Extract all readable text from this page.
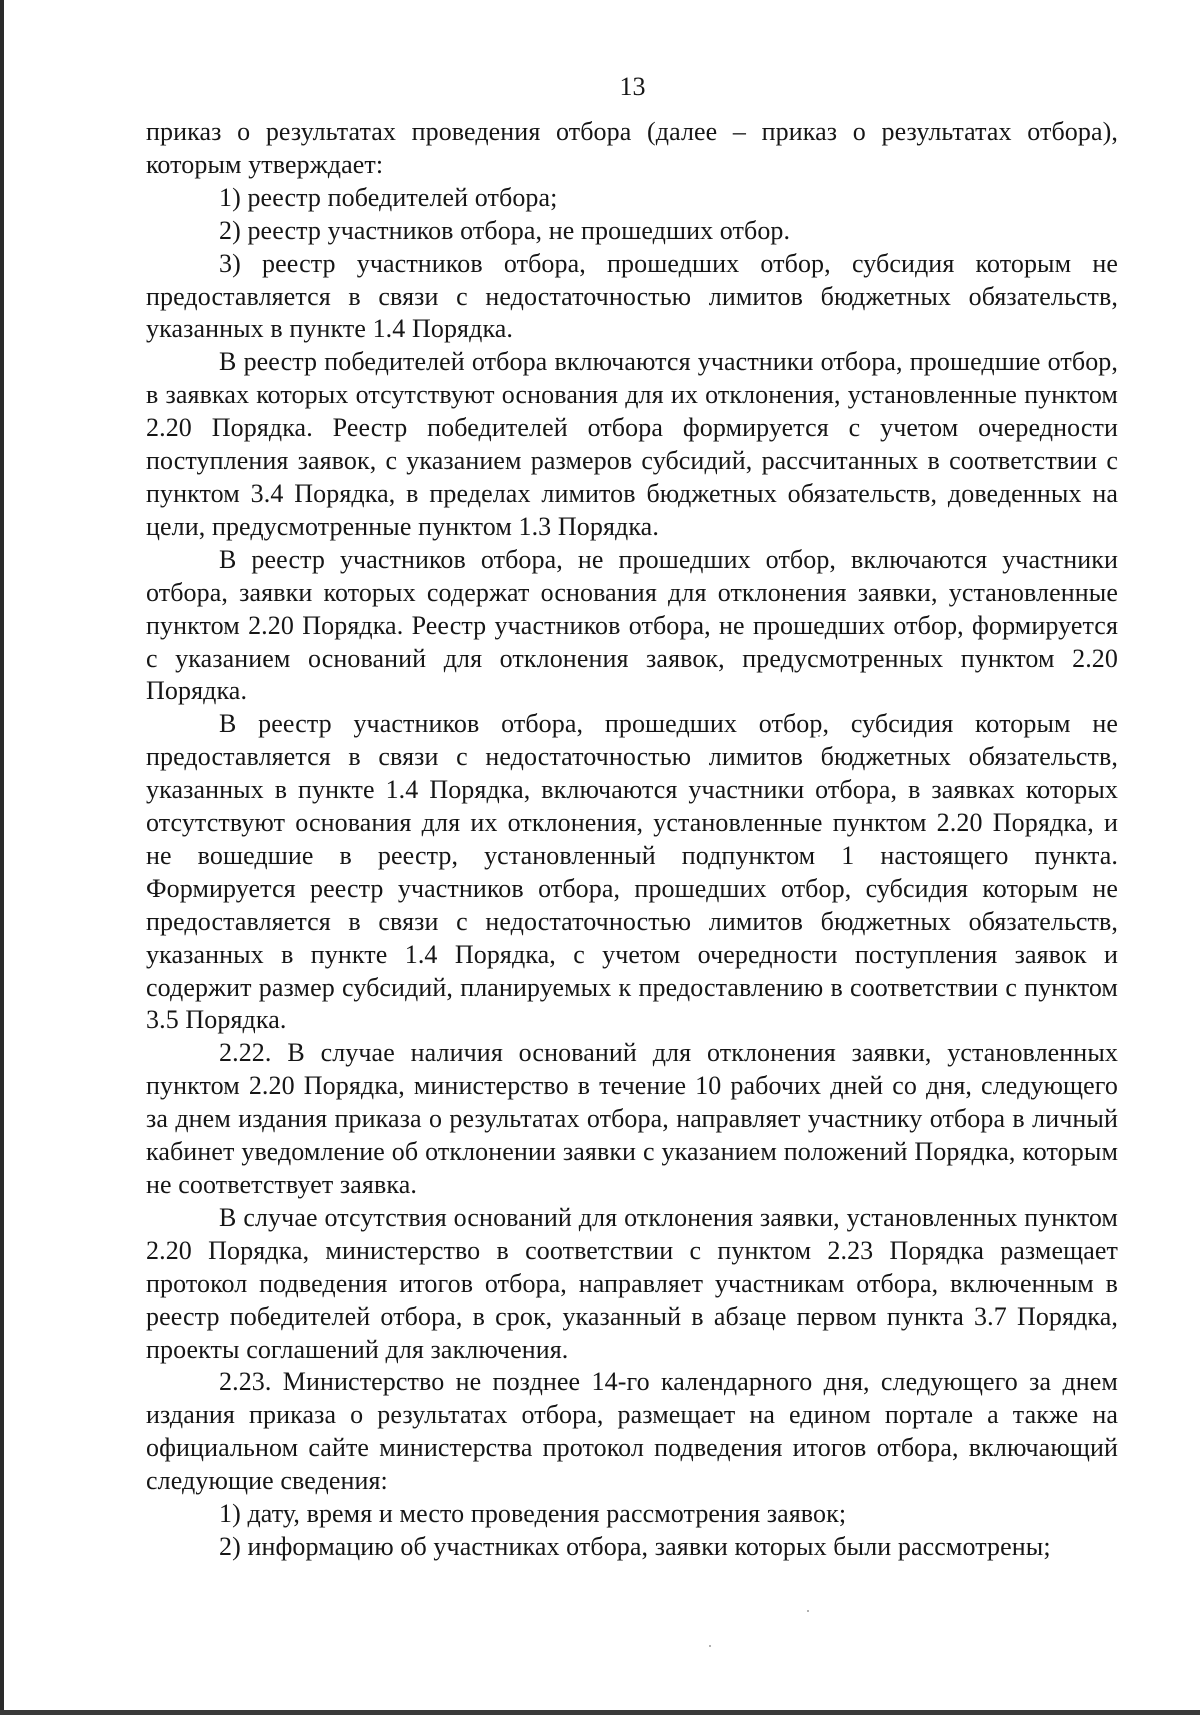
13

приказ о результатах проведения отбора (далее – приказ о результатах отбора), которым утверждает:

1) реестр победителей отбора;

2) реестр участников отбора, не прошедших отбор.

3) реестр участников отбора, прошедших отбор, субсидия которым не предоставляется в связи с недостаточностью лимитов бюджетных обязательств, указанных в пункте 1.4 Порядка.

В реестр победителей отбора включаются участники отбора, прошедшие отбор, в заявках которых отсутствуют основания для их отклонения, установленные пунктом 2.20 Порядка. Реестр победителей отбора формируется с учетом очередности поступления заявок, с указанием размеров субсидий, рассчитанных в соответствии с пунктом 3.4 Порядка, в пределах лимитов бюджетных обязательств, доведенных на цели, предусмотренные пунктом 1.3 Порядка.

В реестр участников отбора, не прошедших отбор, включаются участники отбора, заявки которых содержат основания для отклонения заявки, установленные пунктом 2.20 Порядка. Реестр участников отбора, не прошедших отбор, формируется с указанием оснований для отклонения заявок, предусмотренных пунктом 2.20 Порядка.

В реестр участников отбора, прошедших отбор, субсидия которым не предоставляется в связи с недостаточностью лимитов бюджетных обязательств, указанных в пункте 1.4 Порядка, включаются участники отбора, в заявках которых отсутствуют основания для их отклонения, установленные пунктом 2.20 Порядка, и не вошедшие в реестр, установленный подпунктом 1 настоящего пункта. Формируется реестр участников отбора, прошедших отбор, субсидия которым не предоставляется в связи с недостаточностью лимитов бюджетных обязательств, указанных в пункте 1.4 Порядка, с учетом очередности поступления заявок и содержит размер субсидий, планируемых к предоставлению в соответствии с пунктом 3.5 Порядка.

2.22. В случае наличия оснований для отклонения заявки, установленных пунктом 2.20 Порядка, министерство в течение 10 рабочих дней со дня, следующего за днем издания приказа о результатах отбора, направляет участнику отбора в личный кабинет уведомление об отклонении заявки с указанием положений Порядка, которым не соответствует заявка.

В случае отсутствия оснований для отклонения заявки, установленных пунктом 2.20 Порядка, министерство в соответствии с пунктом 2.23 Порядка размещает протокол подведения итогов отбора, направляет участникам отбора, включенным в реестр победителей отбора, в срок, указанный в абзаце первом пункта 3.7 Порядка, проекты соглашений для заключения.

2.23. Министерство не позднее 14-го календарного дня, следующего за днем издания приказа о результатах отбора, размещает на едином портале а также на официальном сайте министерства протокол подведения итогов отбора, включающий следующие сведения:

1) дату, время и место проведения рассмотрения заявок;

2) информацию об участниках отбора, заявки которых были рассмотрены;
